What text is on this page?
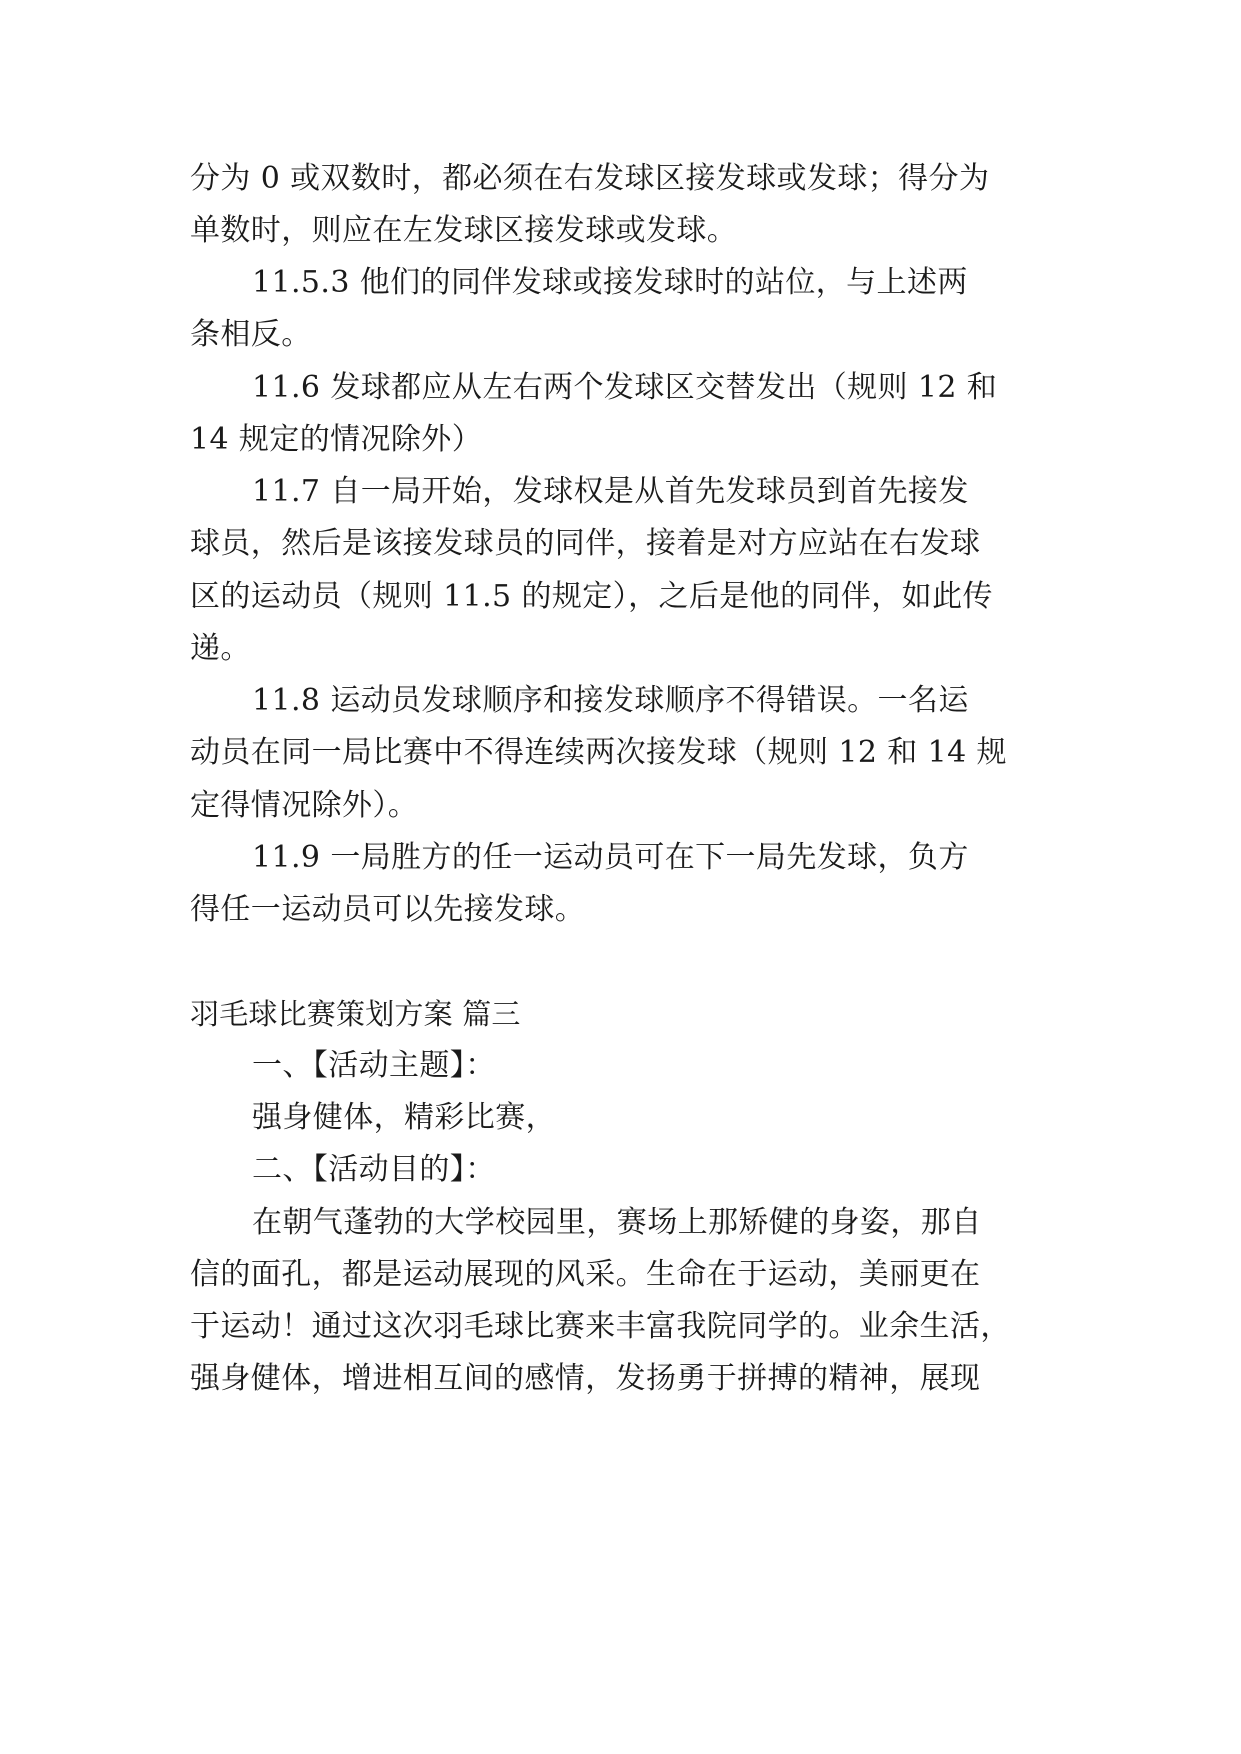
分为 0 或双数时，都必须在右发球区接发球或发球；得分为
单数时，则应在左发球区接发球或发球。
11.5.3 他们的同伴发球或接发球时的站位，与上述两
条相反。
11.6 发球都应从左右两个发球区交替发出（规则 12 和
14 规定的情况除外）
11.7 自一局开始，发球权是从首先发球员到首先接发
球员，然后是该接发球员的同伴，接着是对方应站在右发球
区的运动员（规则 11.5 的规定），之后是他的同伴，如此传
递。
11.8 运动员发球顺序和接发球顺序不得错误。一名运
动员在同一局比赛中不得连续两次接发球（规则 12 和 14 规
定得情况除外）。
11.9 一局胜方的任一运动员可在下一局先发球，负方
得任一运动员可以先接发球。
羽毛球比赛策划方案 篇三
一、【活动主题】：
强身健体，精彩比赛，
二、【活动目的】：
在朝气蓬勃的大学校园里，赛场上那矫健的身姿，那自
信的面孔，都是运动展现的风采。生命在于运动，美丽更在
于运动！通过这次羽毛球比赛来丰富我院同学的。业余生活，
强身健体，增进相互间的感情，发扬勇于拼搏的精神，展现
